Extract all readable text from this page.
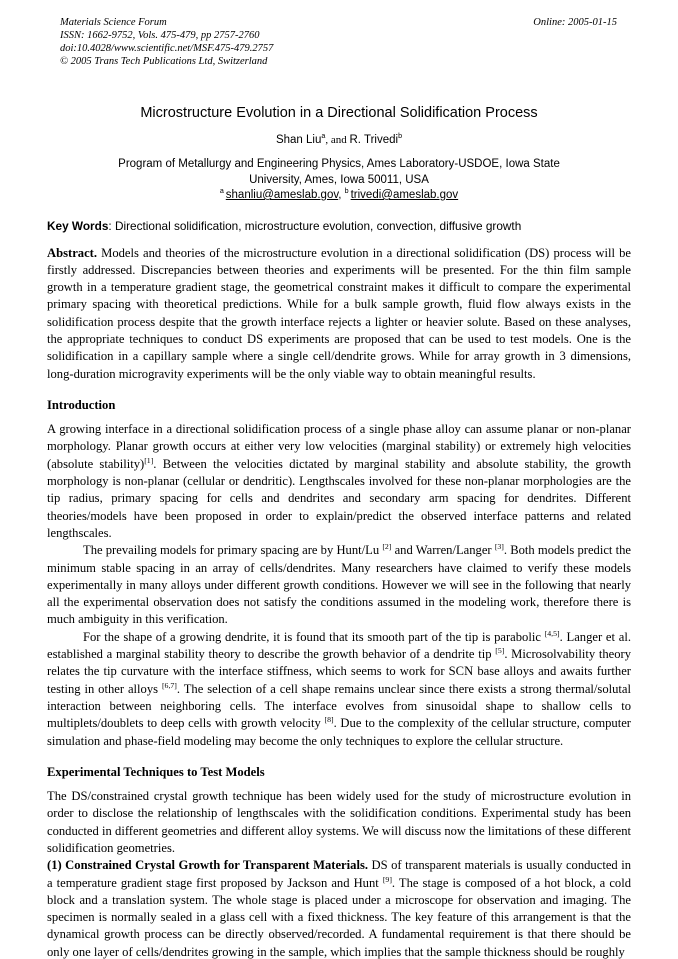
Materials Science Forum
ISSN: 1662-9752, Vols. 475-479, pp 2757-2760
doi:10.4028/www.scientific.net/MSF.475-479.2757
© 2005 Trans Tech Publications Ltd, Switzerland
Online: 2005-01-15
Microstructure Evolution in a Directional Solidification Process
Shan Liu$^a$, and R. Trivedi$^b$
Program of Metallurgy and Engineering Physics, Ames Laboratory-USDOE, Iowa State
University, Ames, Iowa 50011, USA
$^a$ shanliu@ameslab.gov, $^b$ trivedi@ameslab.gov
Key Words: Directional solidification, microstructure evolution, convection, diffusive growth

Abstract. Models and theories of the microstructure evolution in a directional solidification (DS) process will be firstly addressed. Discrepancies between theories and experiments will be presented. For the thin film sample growth in a temperature gradient stage, the geometrical constraint makes it difficult to compare the experimental primary spacing with theoretical predictions. While for a bulk sample growth, fluid flow always exists in the solidification process despite that the growth interface rejects a lighter or heavier solute. Based on these analyses, the appropriate techniques to conduct DS experiments are proposed that can be used to test models. One is the solidification in a capillary sample where a single cell/dendrite grows. While for array growth in 3 dimensions, long-duration microgravity experiments will be the only viable way to obtain meaningful results.

Introduction

A growing interface in a directional solidification process of a single phase alloy can assume planar or non-planar morphology. Planar growth occurs at either very low velocities (marginal stability) or extremely high velocities (absolute stability)[1]. Between the velocities dictated by marginal stability and absolute stability, the growth morphology is non-planar (cellular or dendritic). Lengthscales involved for these non-planar morphologies are the tip radius, primary spacing for cells and dendrites and secondary arm spacing for dendrites. Different theories/models have been proposed in order to explain/predict the observed interface patterns and related lengthscales.

The prevailing models for primary spacing are by Hunt/Lu [2] and Warren/Langer [3]. Both models predict the minimum stable spacing in an array of cells/dendrites. Many researchers have claimed to verify these models experimentally in many alloys under different growth conditions. However we will see in the following that nearly all the experimental observation does not satisfy the conditions assumed in the modeling work, therefore there is much ambiguity in this verification.

For the shape of a growing dendrite, it is found that its smooth part of the tip is parabolic [4,5]. Langer et al. established a marginal stability theory to describe the growth behavior of a dendrite tip [5]. Microsolvability theory relates the tip curvature with the interface stiffness, which seems to work for SCN base alloys and awaits further testing in other alloys [6,7]. The selection of a cell shape remains unclear since there exists a strong thermal/solutal interaction between neighboring cells. The interface evolves from sinusoidal shape to shallow cells to multiplets/doublets to deep cells with growth velocity [8]. Due to the complexity of the cellular structure, computer simulation and phase-field modeling may become the only techniques to explore the cellular structure.

Experimental Techniques to Test Models

The DS/constrained crystal growth technique has been widely used for the study of microstructure evolution in order to disclose the relationship of lengthscales with the solidification conditions. Experimental study has been conducted in different geometries and different alloy systems. We will discuss now the limitations of these different solidification geometries.

(1) Constrained Crystal Growth for Transparent Materials. DS of transparent materials is usually conducted in a temperature gradient stage first proposed by Jackson and Hunt [9]. The stage is composed of a hot block, a cold block and a translation system. The whole stage is placed under a microscope for observation and imaging. The specimen is normally sealed in a glass cell with a fixed thickness. The key feature of this arrangement is that the dynamical growth process can be directly observed/recorded. A fundamental requirement is that there should be only one layer of cells/dendrites growing in the sample, which implies that the sample thickness should be roughly
